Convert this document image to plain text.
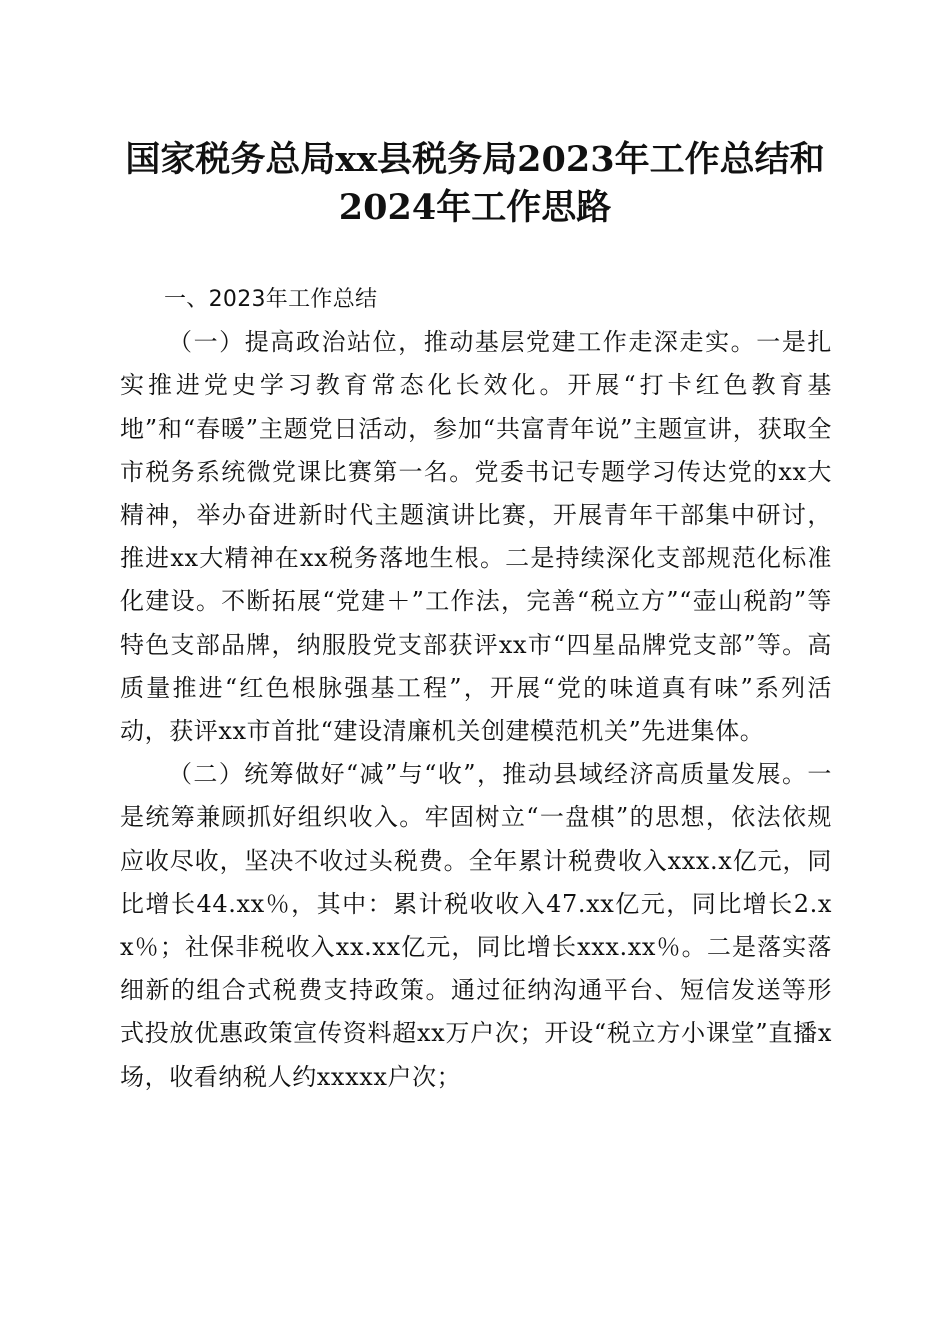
国家税务总局xx县税务局2023年工作总结和
2024年工作思路

一、2023年工作总结

（一）提高政治站位，推动基层党建工作走深走实。一是扎实推进党史学习教育常态化长效化。开展“打卡红色教育基地”和“春暖”主题党日活动，参加“共富青年说”主题宣讲，获取全市税务系统微党课比赛第一名。党委书记专题学习传达党的xx大精神，举办奋进新时代主题演讲比赛，开展青年干部集中研讨，推进xx大精神在xx税务落地生根。二是持续深化支部规范化标准化建设。不断拓展“党建＋”工作法，完善“税立方”“壶山税韵”等特色支部品牌，纳服股党支部获评xx市“四星品牌党支部”等。高质量推进“红色根脉强基工程”，开展“党的味道真有味”系列活动，获评xx市首批“建设清廉机关创建模范机关”先进集体。

（二）统筹做好“减”与“收”，推动县域经济高质量发展。一是统筹兼顾抓好组织收入。牢固树立“一盘棋”的思想，依法依规应收尽收，坚决不收过头税费。全年累计税费收入xxx.x亿元，同比增长44.xx％，其中：累计税收收入47.xx亿元，同比增长2.xx％；社保非税收入xx.xx亿元，同比增长xxx.xx％。二是落实落细新的组合式税费支持政策。通过征纳沟通平台、短信发送等形式投放优惠政策宣传资料超xx万户次；开设“税立方小课堂”直播x场，收看纳税人约xxxxx户次；
